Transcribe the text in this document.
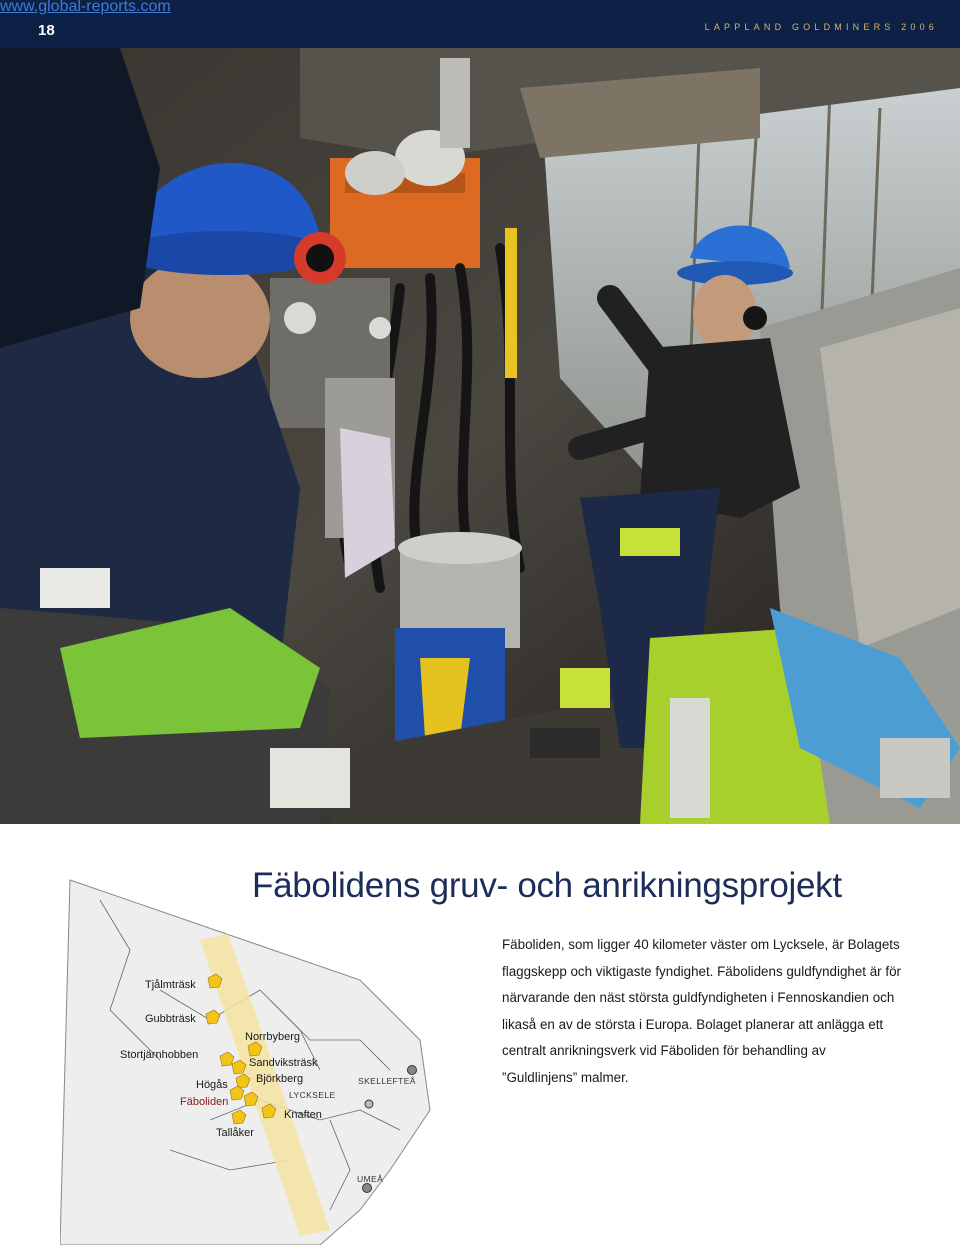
www.global-reports.com
18	LAPPLAND GOLDMINERS 2006
Fäbolidens gruv- och anrikningsprojekt
Fäboliden, som ligger 40 kilometer väster om Lycksele, är Bolagets flaggskepp och viktigaste fyndighet. Fäbolidens guldfyndighet är för närvarande den näst största guldfyndigheten i Fennoskandien och likaså en av de största i Europa. Bolaget planerar att anlägga ett centralt anrikningsverk vid Fäboliden för behandling av ”Guldlinjens” malmer.
Tjålmträsk
Gubbträsk
Stortjärnhobben
Norrbyberg
Sandviksträsk
Björkberg
Högås
Fäboliden
Knaften
Tallåker
LYCKSELE
SKELLEFTEÅ
UMEÅ
